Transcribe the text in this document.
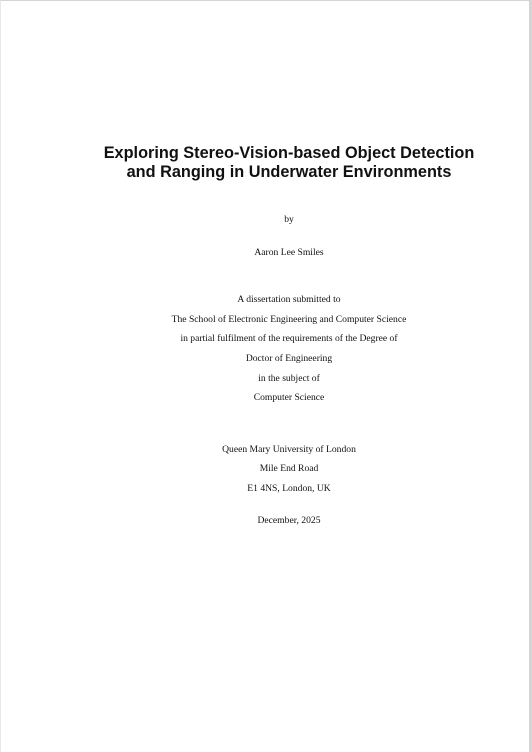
Exploring Stereo-Vision-based Object Detection
and Ranging in Underwater Environments

by

Aaron Lee Smiles

A dissertation submitted to

The School of Electronic Engineering and Computer Science

in partial fulfilment of the requirements of the Degree of

Doctor of Engineering

in the subject of

Computer Science

Queen Mary University of London

Mile End Road

E1 4NS, London, UK

December, 2025
